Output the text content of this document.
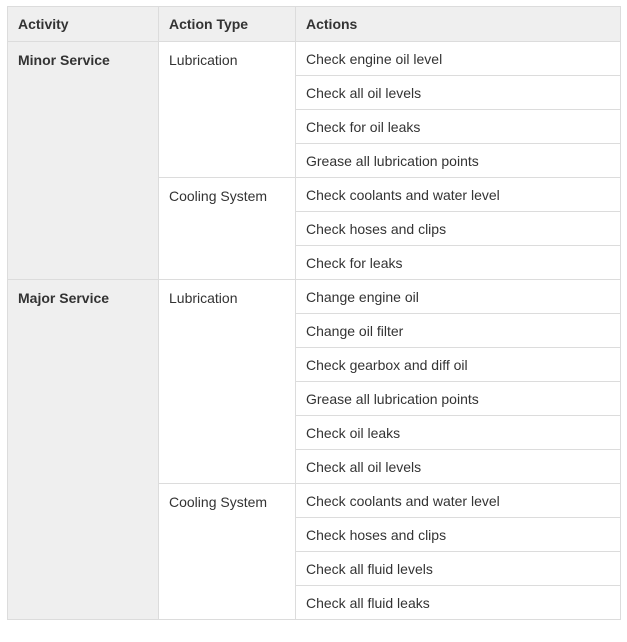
Activity	Action Type	Actions
Minor Service	Lubrication	Check engine oil level
		Check all oil levels
		Check for oil leaks
		Grease all lubrication points
	Cooling System	Check coolants and water level
		Check hoses and clips
		Check for leaks
Major Service	Lubrication	Change engine oil
		Change oil filter
		Check gearbox and diff oil
		Grease all lubrication points
		Check oil leaks
		Check all oil levels
	Cooling System	Check coolants and water level
		Check hoses and clips
		Check all fluid levels
		Check all fluid leaks
